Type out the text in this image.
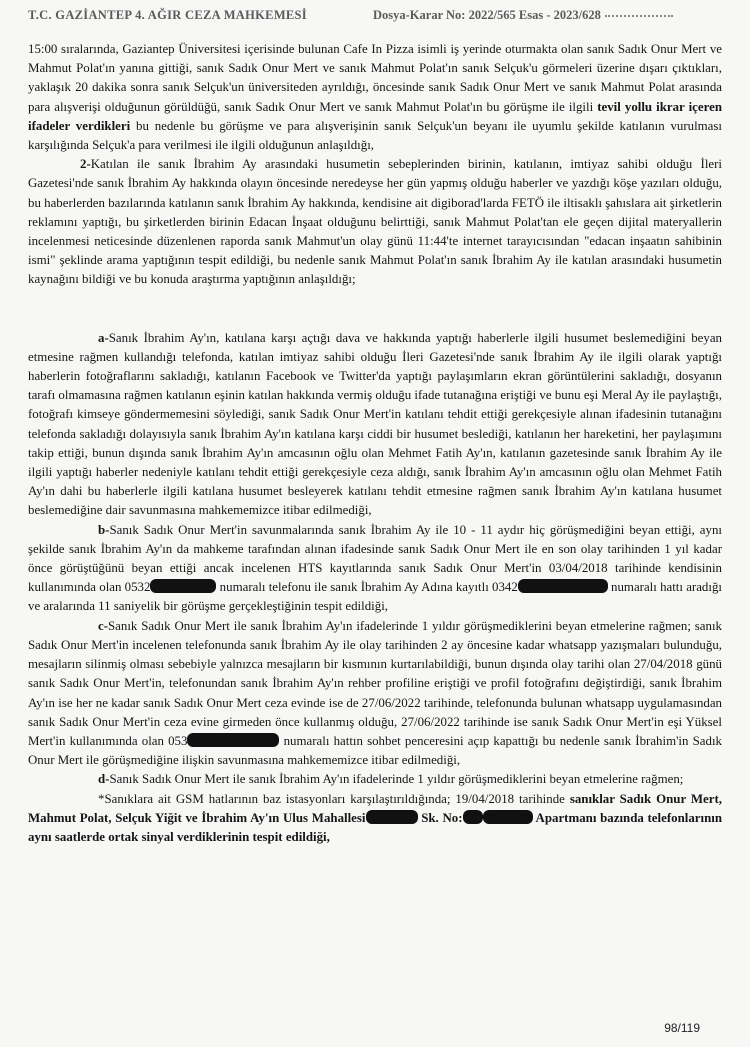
T.C. GAZİANTEP 4. AĞIR CEZA MAHKEMESİ	Dosya-Karar No: 2022/565 Esas - 2023/628

15:00 sıralarında, Gaziantep Üniversitesi içerisinde bulunan Cafe In Pizza isimli iş yerinde oturmakta olan sanık Sadık Onur Mert ve Mahmut Polat'ın yanına gittiği, sanık Sadık Onur Mert ve sanık Mahmut Polat'ın sanık Selçuk'u görmeleri üzerine dışarı çıktıkları, yaklaşık 20 dakika sonra sanık Selçuk'un üniversiteden ayrıldığı, öncesinde sanık Sadık Onur Mert ve sanık Mahmut Polat arasında para alışverişi olduğunun görüldüğü, sanık Sadık Onur Mert ve sanık Mahmut Polat'ın bu görüşme ile ilgili tevil yollu ikrar içeren ifadeler verdikleri bu nedenle bu görüşme ve para alışverişinin sanık Selçuk'un beyanı ile uyumlu şekilde katılanın vurulması karşılığında Selçuk'a para verilmesi ile ilgili olduğunun anlaşıldığı,

2-Katılan ile sanık İbrahim Ay arasındaki husumetin sebeplerinden birinin, katılanın, imtiyaz sahibi olduğu İleri Gazetesi'nde sanık İbrahim Ay hakkında olayın öncesinde neredeyse her gün yapmış olduğu haberler ve yazdığı köşe yazıları olduğu, bu haberlerden bazılarında katılanın sanık İbrahim Ay hakkında, kendisine ait digiborad'larda FETÖ ile iltisaklı şahıslara ait şirketlerin reklamını yaptığı, bu şirketlerden birinin Edacan İnşaat olduğunu belirttiği, sanık Mahmut Polat'tan ele geçen dijital materyallerin incelenmesi neticesinde düzenlenen raporda sanık Mahmut'un olay günü 11:44'te internet tarayıcısından "edacan inşaatın sahibinin ismi" şeklinde arama yaptığının tespit edildiği, bu nedenle sanık Mahmut Polat'ın sanık İbrahim Ay ile katılan arasındaki husumetin kaynağını bildiği ve bu konuda araştırma yaptığının anlaşıldığı;

a-Sanık İbrahim Ay'ın, katılana karşı açtığı dava ve hakkında yaptığı haberlerle ilgili husumet beslemediğini beyan etmesine rağmen kullandığı telefonda, katılan imtiyaz sahibi olduğu İleri Gazetesi'nde sanık İbrahim Ay ile ilgili olarak yaptığı haberlerin fotoğraflarını sakladığı, katılanın Facebook ve Twitter'da yaptığı paylaşımların ekran görüntülerini sakladığı, dosyanın tarafı olmamasına rağmen katılanın eşinin katılan hakkında vermiş olduğu ifade tutanağına eriştiği ve bunu eşi Meral Ay ile paylaştığı, fotoğrafı kimseye göndermemesini söylediği, sanık Sadık Onur Mert'in katılanı tehdit ettiği gerekçesiyle alınan ifadesinin tutanağını telefonda sakladığı dolayısıyla sanık İbrahim Ay'ın katılana karşı ciddi bir husumet beslediği, katılanın her hareketini, her paylaşımını takip ettiği, bunun dışında sanık İbrahim Ay'ın amcasının oğlu olan Mehmet Fatih Ay'ın, katılanın gazetesinde sanık İbrahim Ay ile ilgili yaptığı haberler nedeniyle katılanı tehdit ettiği gerekçesiyle ceza aldığı, sanık İbrahim Ay'ın amcasının oğlu olan Mehmet Fatih Ay'ın dahi bu haberlerle ilgili katılana husumet besleyerek katılanı tehdit etmesine rağmen sanık İbrahim Ay'ın katılana husumet beslemediğine dair savunmasına mahkememizce itibar edilmediği,

b-Sanık Sadık Onur Mert'in savunmalarında sanık İbrahim Ay ile 10 - 11 aydır hiç görüşmediğini beyan ettiği, aynı şekilde sanık İbrahim Ay'ın da mahkeme tarafından alınan ifadesinde sanık Sadık Onur Mert ile en son olay tarihinden 1 yıl kadar önce görüştüğünü beyan ettiği ancak incelenen HTS kayıtlarında sanık Sadık Onur Mert'in 03/04/2018 tarihinde kendisinin kullanımında olan 0532	numaralı telefonu ile sanık İbrahim Ay Adına kayıtlı 0342	numaralı hattı aradığı ve aralarında 11 saniyelik bir görüşme gerçekleştiğinin tespit edildiği,

c-Sanık Sadık Onur Mert ile sanık İbrahim Ay'ın ifadelerinde 1 yıldır görüşmediklerini beyan etmelerine rağmen; sanık Sadık Onur Mert'in incelenen telefonunda sanık İbrahim Ay ile olay tarihinden 2 ay öncesine kadar whatsapp yazışmaları bulunduğu, mesajların silinmiş olması sebebiyle yalnızca mesajların bir kısmının kurtarılabildiği, bunun dışında olay tarihi olan 27/04/2018 günü sanık Sadık Onur Mert'in, telefonundan sanık İbrahim Ay'ın rehber profiline eriştiği ve profil fotoğrafını değiştirdiği, sanık İbrahim Ay'ın ise her ne kadar sanık Sadık Onur Mert ceza evinde ise de 27/06/2022 tarihinde, telefonunda bulunan whatsapp uygulamasından sanık Sadık Onur Mert'in ceza evine girmeden önce kullanmış olduğu, 27/06/2022 tarihinde ise sanık Sadık Onur Mert'in eşi Yüksel Mert'in kullanımında olan 053	numaralı hattın sohbet penceresini açıp kapattığı bu nedenle sanık İbrahim'in Sadık Onur Mert ile görüşmediğine ilişkin savunmasına mahkememizce itibar edilmediği,

d-Sanık Sadık Onur Mert ile sanık İbrahim Ay'ın ifadelerinde 1 yıldır görüşmediklerini beyan etmelerine rağmen;

*Sanıklara ait GSM hatlarının baz istasyonları karşılaştırıldığında; 19/04/2018 tarihinde sanıklar Sadık Onur Mert, Mahmut Polat, Selçuk Yiğit ve İbrahim Ay'ın Ulus Mahallesi	Sk. No:	Apartmanı bazında telefonlarının aynı saatlerde ortak sinyal verdiklerinin tespit edildiği,

98/119
